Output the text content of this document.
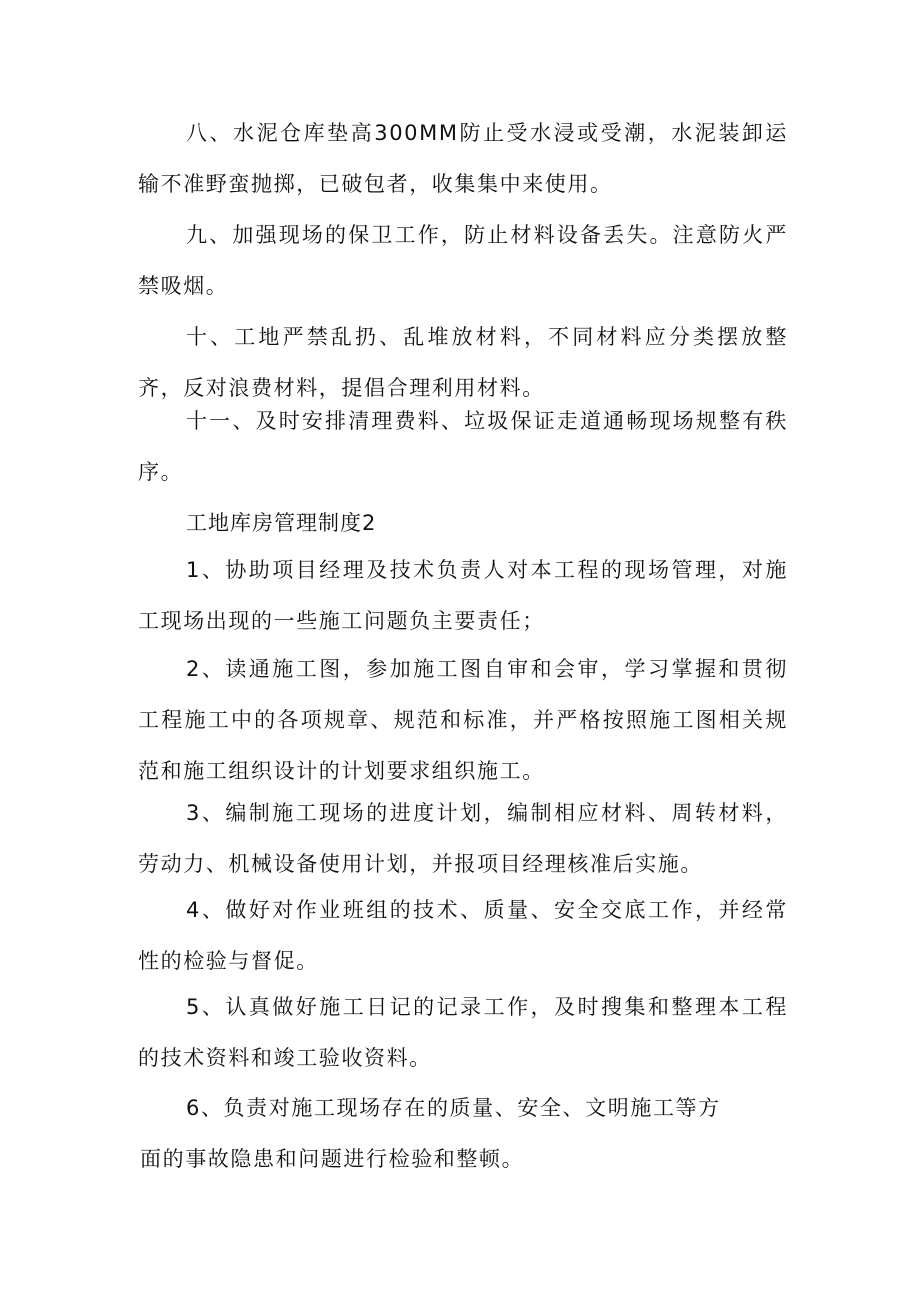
八、水泥仓库垫高300MM防止受水浸或受潮，水泥装卸运输不准野蛮抛掷，已破包者，收集集中来使用。

九、加强现场的保卫工作，防止材料设备丢失。注意防火严禁吸烟。

十、工地严禁乱扔、乱堆放材料，不同材料应分类摆放整齐，反对浪费材料，提倡合理利用材料。

十一、及时安排清理费料、垃圾保证走道通畅现场规整有秩序。

工地库房管理制度2

1、协助项目经理及技术负责人对本工程的现场管理，对施工现场出现的一些施工问题负主要责任；

2、读通施工图，参加施工图自审和会审，学习掌握和贯彻工程施工中的各项规章、规范和标准，并严格按照施工图相关规范和施工组织设计的计划要求组织施工。

3、编制施工现场的进度计划，编制相应材料、周转材料，劳动力、机械设备使用计划，并报项目经理核准后实施。

4、做好对作业班组的技术、质量、安全交底工作，并经常性的检验与督促。

5、认真做好施工日记的记录工作，及时搜集和整理本工程的技术资料和竣工验收资料。

6、负责对施工现场存在的质量、安全、文明施工等方

面的事故隐患和问题进行检验和整顿。
